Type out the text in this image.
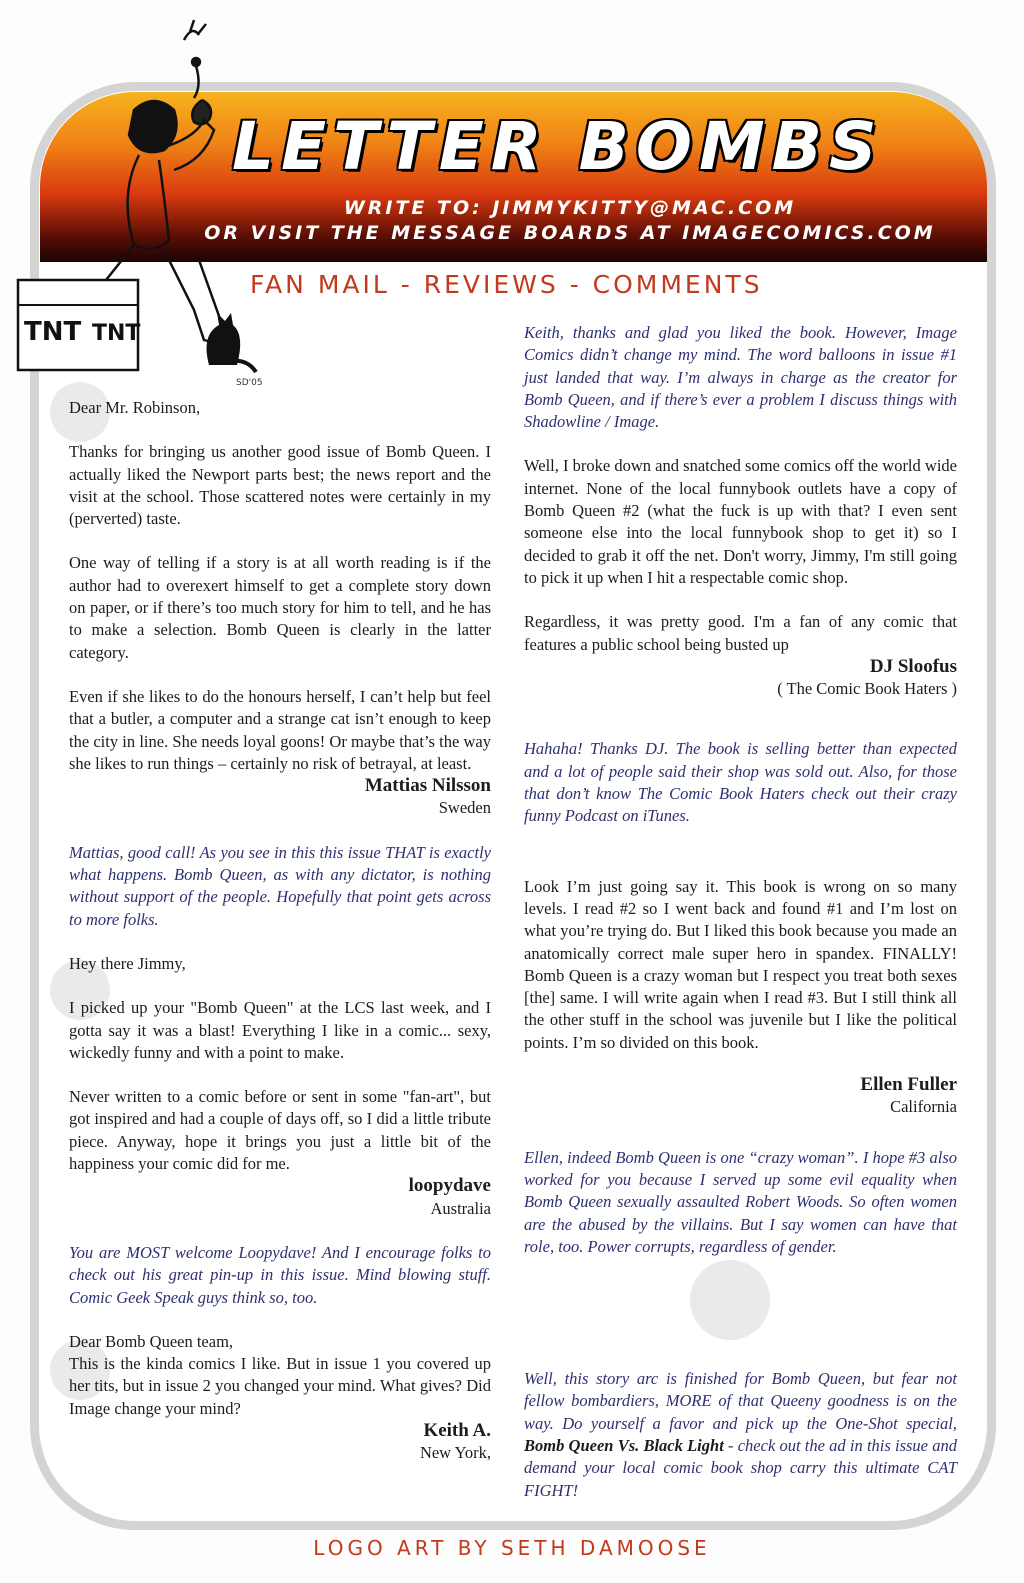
TNT TNT
SD'05
LETTER BOMBS
WRITE TO: JIMMYKITTY@MAC.COM
OR VISIT THE MESSAGE BOARDS AT IMAGECOMICS.COM
FAN MAIL - REVIEWS - COMMENTS

Dear Mr. Robinson,

Thanks for bringing us another good issue of Bomb Queen. I actually liked the Newport parts best; the news report and the visit at the school. Those scattered notes were certainly in my (perverted) taste.

One way of telling if a story is at all worth reading is if the author had to overexert himself to get a complete story down on paper, or if there’s too much story for him to tell, and he has to make a selection. Bomb Queen is clearly in the latter category.

Even if she likes to do the honours herself, I can’t help but feel that a butler, a computer and a strange cat isn’t enough to keep the city in line. She needs loyal goons! Or maybe that’s the way she likes to run things – certainly no risk of betrayal, at least.

Mattias Nilsson
Sweden

Mattias, good call! As you see in this this issue THAT is exactly what happens. Bomb Queen, as with any dictator, is nothing without support of the people. Hopefully that point gets across to more folks.

Hey there Jimmy,

I picked up your "Bomb Queen" at the LCS last week, and I gotta say it was a blast! Everything I like in a comic... sexy, wickedly funny and with a point to make.

Never written to a comic before or sent in some "fan-art", but got inspired and had a couple of days off, so I did a little tribute piece. Anyway, hope it brings you just a little bit of the happiness your comic did for me.

loopydave
Australia

You are MOST welcome Loopydave! And I encourage folks to check out his great pin-up in this issue. Mind blowing stuff. Comic Geek Speak guys think so, too.

Dear Bomb Queen team,

This is the kinda comics I like. But in issue 1 you covered up her tits, but in issue 2 you changed your mind. What gives? Did Image change your mind?

Keith A.
New York,

Keith, thanks and glad you liked the book. However, Image Comics didn’t change my mind. The word balloons in issue #1 just landed that way. I’m always in charge as the creator for Bomb Queen, and if there’s ever a problem I discuss things with Shadowline / Image.

Well, I broke down and snatched some comics off the world wide internet. None of the local funnybook outlets have a copy of Bomb Queen #2 (what the fuck is up with that? I even sent someone else into the local funnybook shop to get it) so I decided to grab it off the net. Don't worry, Jimmy, I'm still going to pick it up when I hit a respectable comic shop.

Regardless, it was pretty good. I'm a fan of any comic that features a public school being busted up

DJ Sloofus
( The Comic Book Haters )

Hahaha! Thanks DJ. The book is selling better than expected and a lot of people said their shop was sold out. Also, for those that don’t know The Comic Book Haters check out their crazy funny Podcast on iTunes.

Look I’m just going say it. This book is wrong on so many levels. I read #2 so I went back and found #1 and I’m lost on what you’re trying do. But I liked this book because you made an anatomically correct male super hero in spandex. FINALLY! Bomb Queen is a crazy woman but I respect you treat both sexes [the] same. I will write again when I read #3. But I still think all the other stuff in the school was juvenile but I like the political points. I’m so divided on this book.

Ellen Fuller
California

Ellen, indeed Bomb Queen is one “crazy woman”. I hope #3 also worked for you because I served up some evil equality when Bomb Queen sexually assaulted Robert Woods. So often women are the abused by the villains. But I say women can have that role, too. Power corrupts, regardless of gender.

Well, this story arc is finished for Bomb Queen, but fear not fellow bombardiers, MORE of that Queeny goodness is on the way. Do yourself a favor and pick up the One-Shot special, Bomb Queen Vs. Black Light - check out the ad in this issue and demand your local comic book shop carry this ultimate CAT FIGHT!

LOGO ART BY SETH DAMOOSE
